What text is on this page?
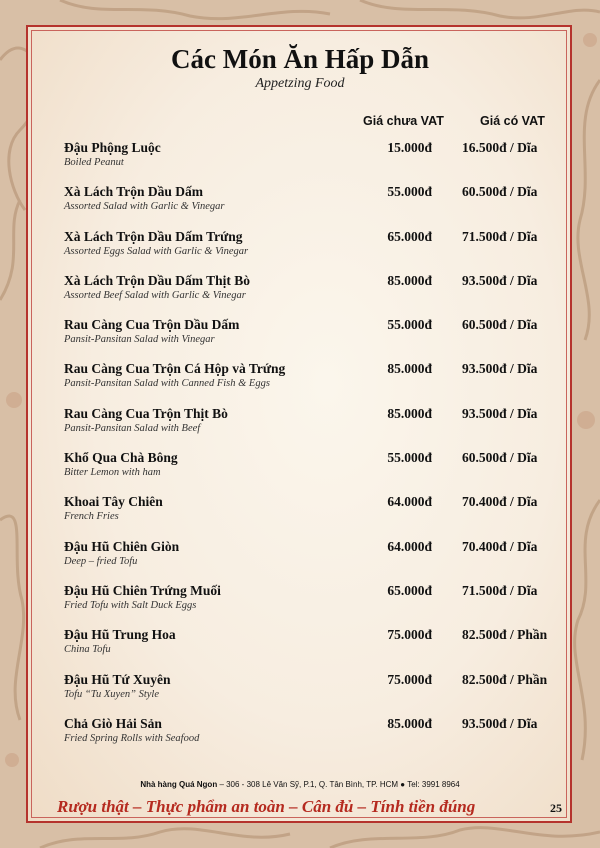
Các Món Ăn Hấp Dẫn
Appetzing Food
Giá chưa VAT	Giá có VAT
Đậu Phộng Luộc
Boiled Peanut
15.000đ 16.500đ / Dĩa
Xà Lách Trộn Dầu Dấm
Assorted Salad with Garlic & Vinegar
55.000đ 60.500đ / Dĩa
Xà Lách Trộn Dầu Dấm Trứng
Assorted Eggs Salad with Garlic & Vinegar
65.000đ 71.500đ / Dĩa
Xà Lách Trộn Dầu Dấm Thịt Bò
Assorted Beef Salad with Garlic & Vinegar
85.000đ 93.500đ / Dĩa
Rau Càng Cua Trộn Dầu Dấm
Pansit-Pansitan Salad with Vinegar
55.000đ 60.500đ / Dĩa
Rau Càng Cua Trộn Cá Hộp và Trứng
Pansit-Pansitan Salad with Canned Fish & Eggs
85.000đ 93.500đ / Dĩa
Rau Càng Cua Trộn Thịt Bò
Pansit-Pansitan Salad with Beef
85.000đ 93.500đ / Dĩa
Khổ Qua Chà Bông
Bitter Lemon with ham
55.000đ 60.500đ / Dĩa
Khoai Tây Chiên
French Fries
64.000đ 70.400đ / Dĩa
Đậu Hũ Chiên Giòn
Deep – fried Tofu
64.000đ 70.400đ / Dĩa
Đậu Hũ Chiên Trứng Muối
Fried Tofu with Salt Duck Eggs
65.000đ 71.500đ / Dĩa
Đậu Hũ Trung Hoa
China Tofu
75.000đ 82.500đ / Phần
Đậu Hũ Tứ Xuyên
Tofu “Tu Xuyen” Style
75.000đ 82.500đ / Phần
Chả Giò Hải Sản
Fried Spring Rolls with Seafood
85.000đ 93.500đ / Dĩa
Nhà hàng Quá Ngon – 306 - 308 Lê Văn Sỹ, P.1, Q. Tân Bình, TP. HCM ● Tel: 3991 8964
Rượu thật – Thực phẩm an toàn – Cân đủ – Tính tiền đúng	25
